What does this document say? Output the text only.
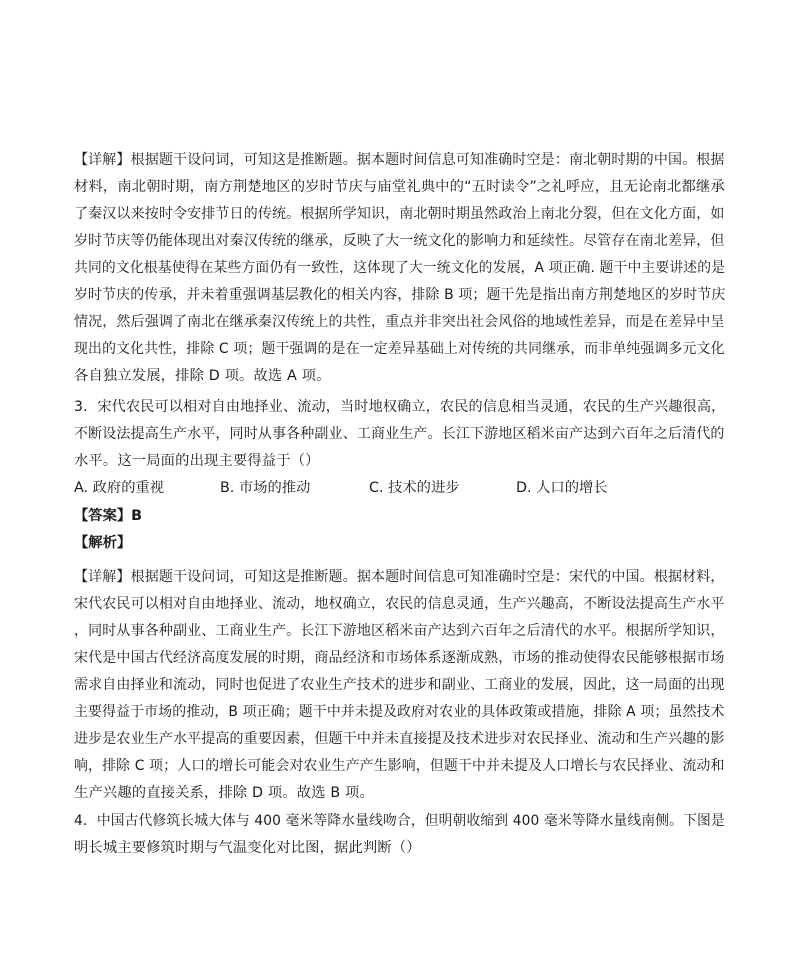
【详解】根据题干设问词，可知这是推断题。据本题时间信息可知准确时空是：南北朝时期的中国。根据
材料，南北朝时期，南方荆楚地区的岁时节庆与庙堂礼典中的“五时读令”之礼呼应，且无论南北都继承
了秦汉以来按时令安排节日的传统。根据所学知识，南北朝时期虽然政治上南北分裂，但在文化方面，如
岁时节庆等仍能体现出对秦汉传统的继承，反映了大一统文化的影响力和延续性。尽管存在南北差异，但
共同的文化根基使得在某些方面仍有一致性，这体现了大一统文化的发展，A 项正确. 题干中主要讲述的是
岁时节庆的传承，并未着重强调基层教化的相关内容，排除 B 项；题干先是指出南方荆楚地区的岁时节庆
情况，然后强调了南北在继承秦汉传统上的共性，重点并非突出社会风俗的地域性差异，而是在差异中呈
现出的文化共性，排除 C 项；题干强调的是在一定差异基础上对传统的共同继承，而非单纯强调多元文化
各自独立发展，排除 D 项。故选 A 项。
3．宋代农民可以相对自由地择业、流动，当时地权确立，农民的信息相当灵通，农民的生产兴趣很高，
不断设法提高生产水平，同时从事各种副业、工商业生产。长江下游地区稻米亩产达到六百年之后清代的
水平。这一局面的出现主要得益于（）
A. 政府的重视	B. 市场的推动	C. 技术的进步	D. 人口的增长
【答案】B
【解析】
【详解】根据题干设问词，可知这是推断题。据本题时间信息可知准确时空是：宋代的中国。根据材料，
宋代农民可以相对自由地择业、流动，地权确立，农民的信息灵通，生产兴趣高，不断设法提高生产水平
，同时从事各种副业、工商业生产。长江下游地区稻米亩产达到六百年之后清代的水平。根据所学知识，
宋代是中国古代经济高度发展的时期，商品经济和市场体系逐渐成熟，市场的推动使得农民能够根据市场
需求自由择业和流动，同时也促进了农业生产技术的进步和副业、工商业的发展，因此，这一局面的出现
主要得益于市场的推动，B 项正确；题干中并未提及政府对农业的具体政策或措施，排除 A 项；虽然技术
进步是农业生产水平提高的重要因素，但题干中并未直接提及技术进步对农民择业、流动和生产兴趣的影
响，排除 C 项；人口的增长可能会对农业生产产生影响，但题干中并未提及人口增长与农民择业、流动和
生产兴趣的直接关系，排除 D 项。故选 B 项。
4．中国古代修筑长城大体与 400 毫米等降水量线吻合，但明朝收缩到 400 毫米等降水量线南侧。下图是
明长城主要修筑时期与气温变化对比图，据此判断（）
